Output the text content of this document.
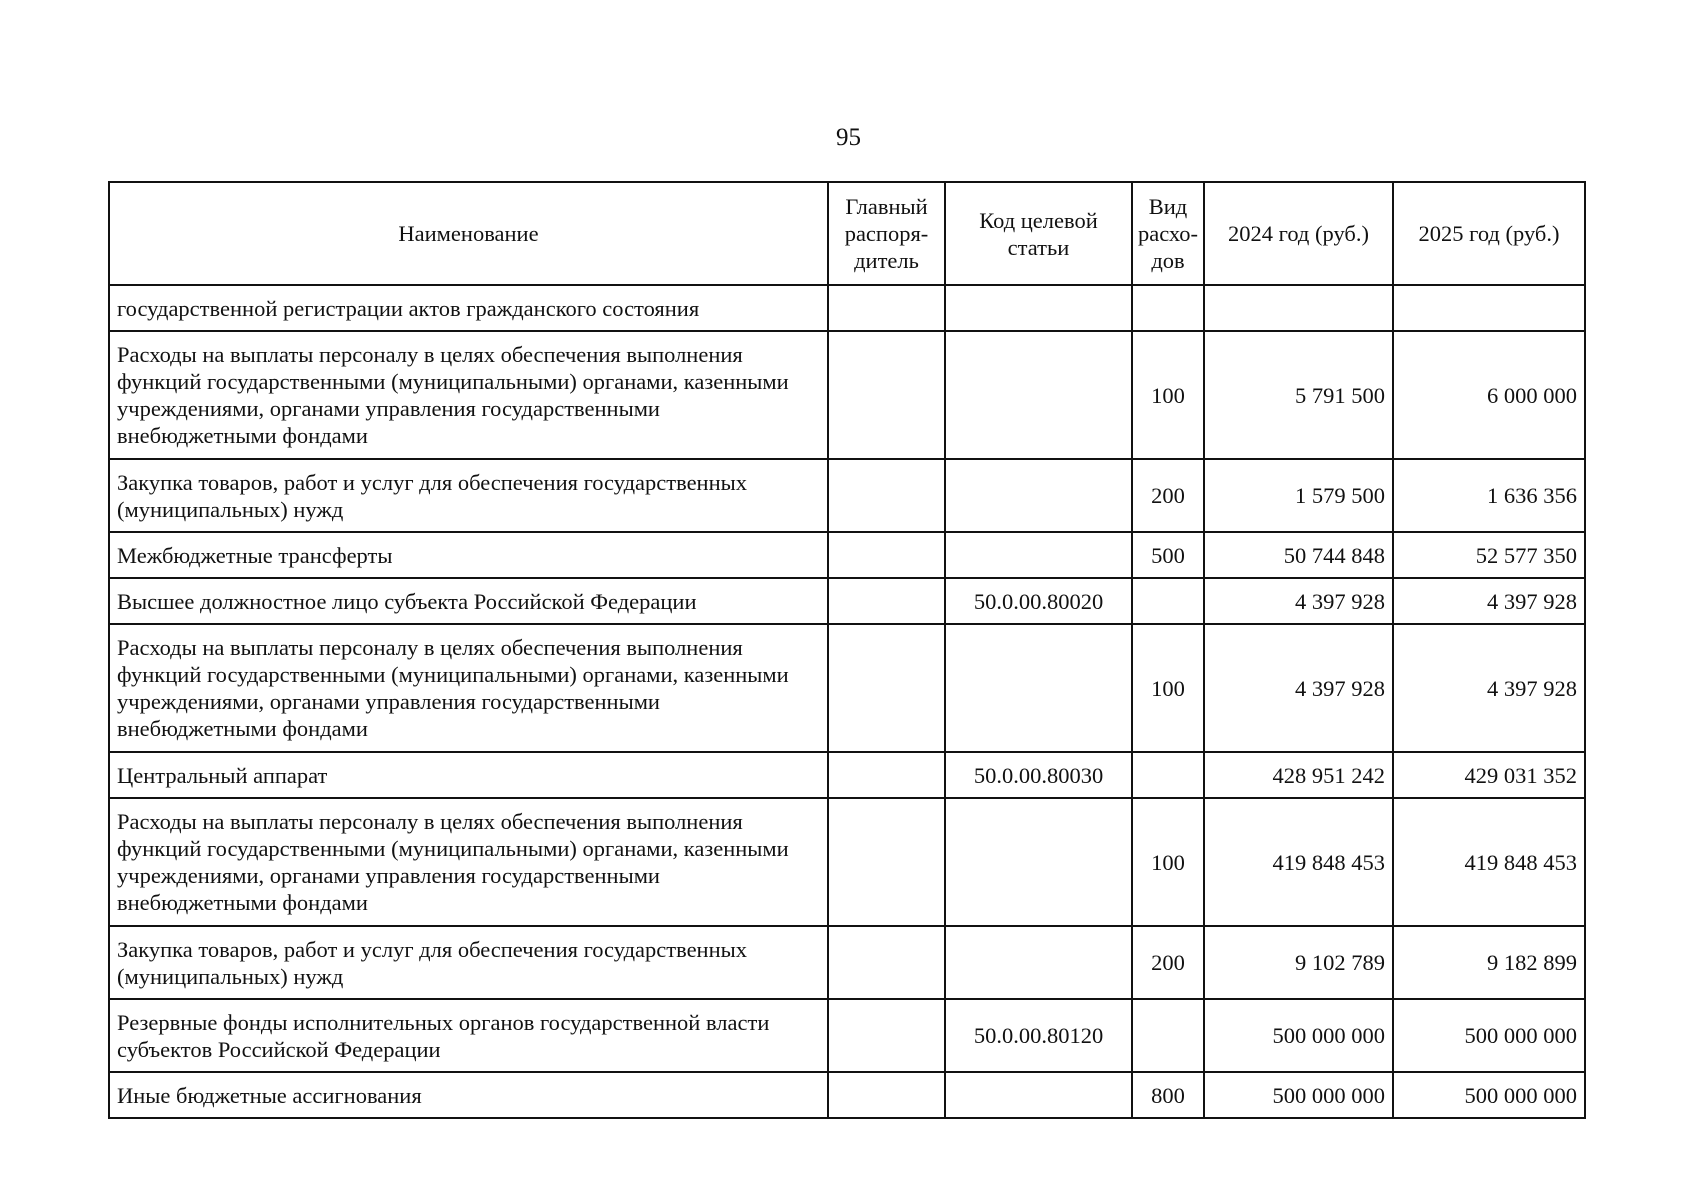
95
Наименование	Главный распоря-дитель	Код целевой статьи	Вид расхо-дов	2024 год (руб.)	2025 год (руб.)
государственной регистрации актов гражданского состояния					
Расходы на выплаты персоналу в целях обеспечения выполнения функций государственными (муниципальными) органами, казенными учреждениями, органами управления государственными внебюджетными фондами			100	5 791 500	6 000 000
Закупка товаров, работ и услуг для обеспечения государственных (муниципальных) нужд			200	1 579 500	1 636 356
Межбюджетные трансферты			500	50 744 848	52 577 350
Высшее должностное лицо субъекта Российской Федерации		50.0.00.80020		4 397 928	4 397 928
Расходы на выплаты персоналу в целях обеспечения выполнения функций государственными (муниципальными) органами, казенными учреждениями, органами управления государственными внебюджетными фондами			100	4 397 928	4 397 928
Центральный аппарат		50.0.00.80030		428 951 242	429 031 352
Расходы на выплаты персоналу в целях обеспечения выполнения функций государственными (муниципальными) органами, казенными учреждениями, органами управления государственными внебюджетными фондами			100	419 848 453	419 848 453
Закупка товаров, работ и услуг для обеспечения государственных (муниципальных) нужд			200	9 102 789	9 182 899
Резервные фонды исполнительных органов государственной власти субъектов Российской Федерации		50.0.00.80120		500 000 000	500 000 000
Иные бюджетные ассигнования			800	500 000 000	500 000 000
